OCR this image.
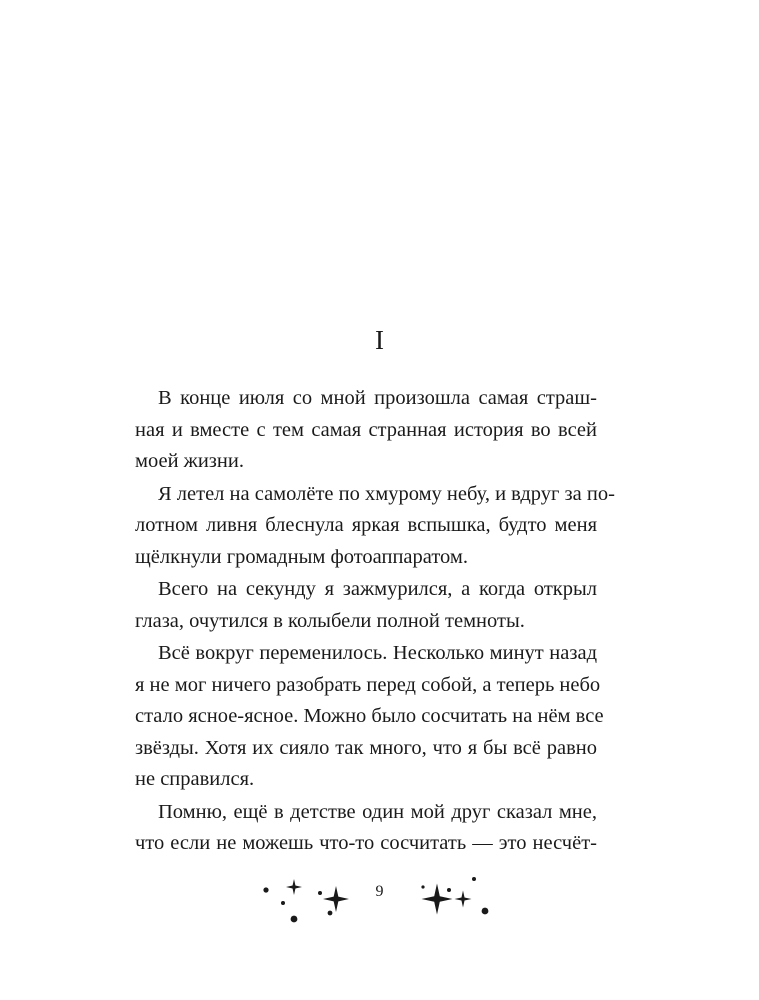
I
В конце июля со мной произошла самая страш-
ная и вместе с тем самая странная история во всей
моей жизни.
Я летел на самолёте по хмурому небу, и вдруг за по-
лотном ливня блеснула яркая вспышка, будто меня
щёлкнули громадным фотоаппаратом.
Всего на секунду я зажмурился, а когда открыл
глаза, очутился в колыбели полной темноты.
Всё вокруг переменилось. Несколько минут назад
я не мог ничего разобрать перед собой, а теперь небо
стало ясное-ясное. Можно было сосчитать на нём все
звёзды. Хотя их сияло так много, что я бы всё равно
не справился.
Помню, ещё в детстве один мой друг сказал мне,
что если не можешь что-то сосчитать — это несчёт-
9
